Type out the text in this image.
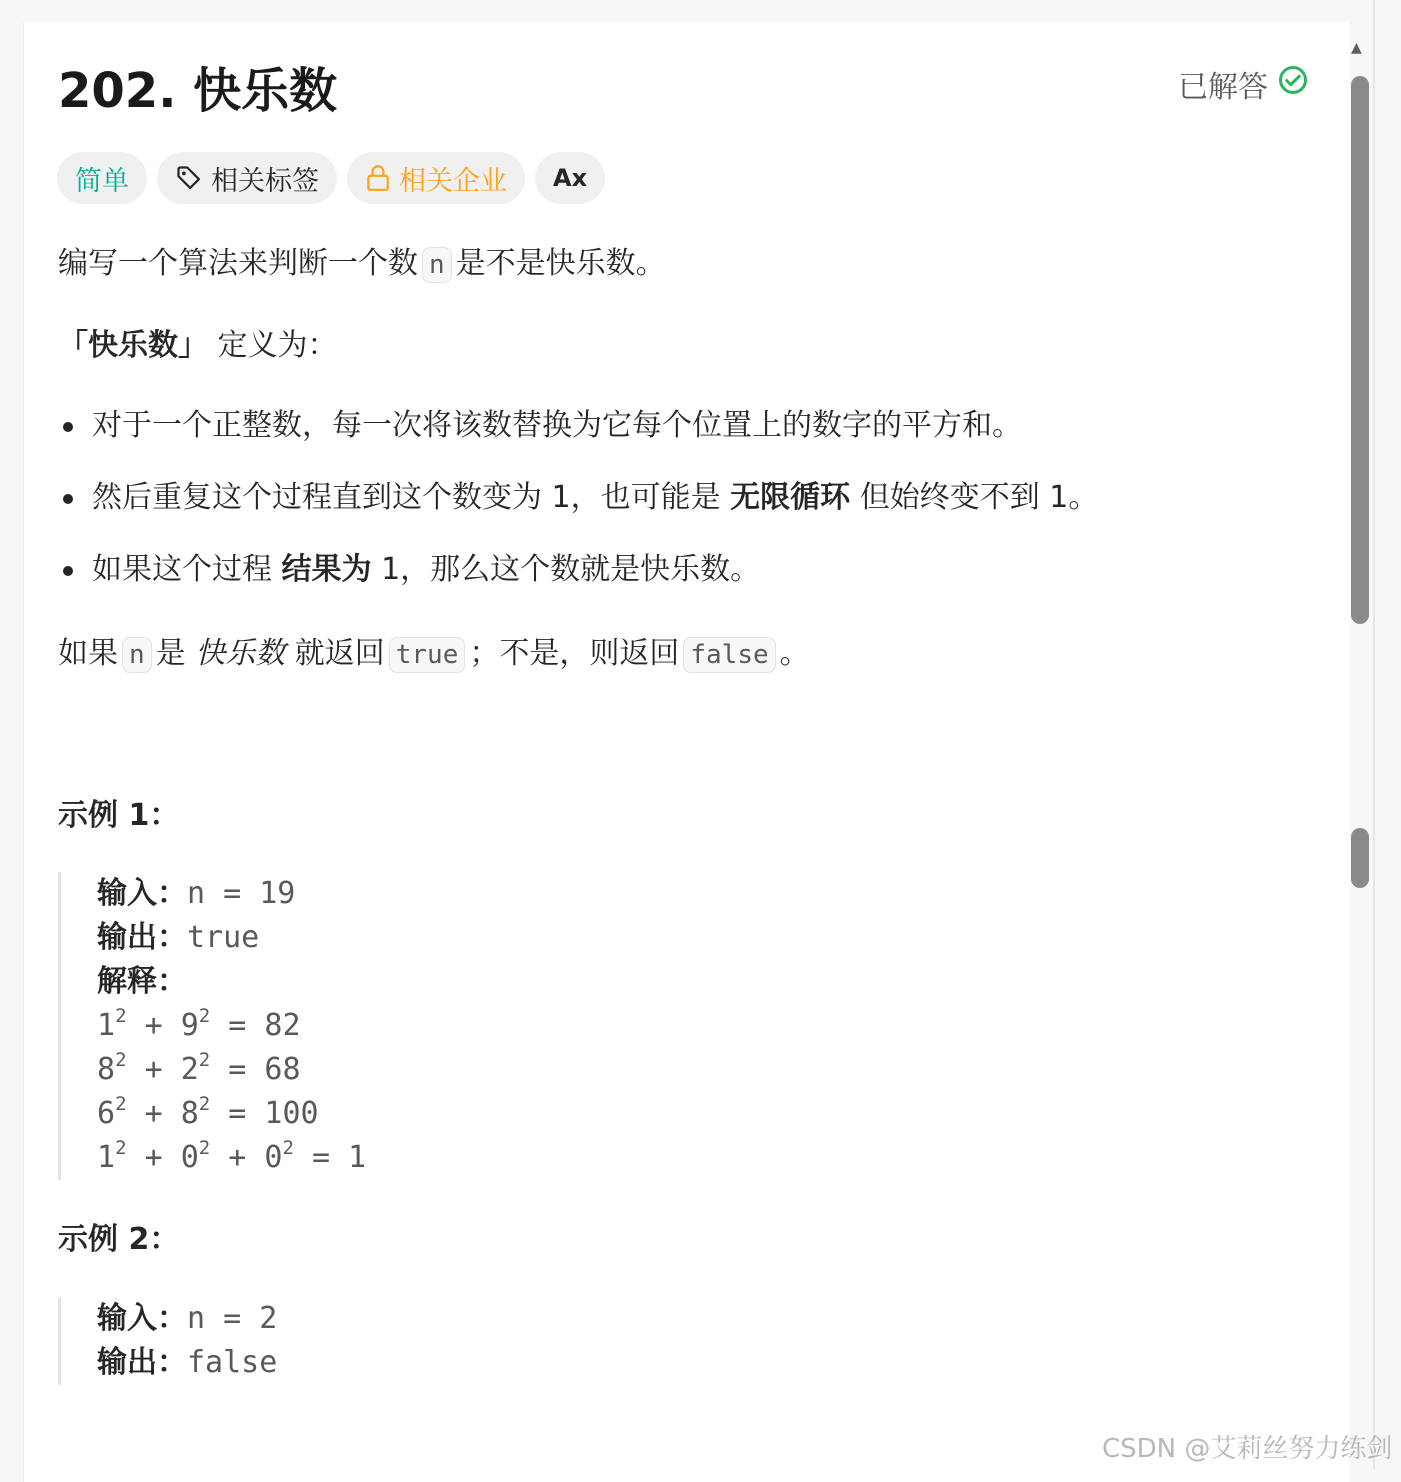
202. 快乐数	已解答
简单	相关标签	相关企业 Ax

编写一个算法来判断一个数 n 是不是快乐数。

「快乐数」 定义为：

对于一个正整数，每一次将该数替换为它每个位置上的数字的平方和。
然后重复这个过程直到这个数变为 1，也可能是 无限循环 但始终变不到 1。
如果这个过程 结果为 1，那么这个数就是快乐数。

如果 n 是 快乐数 就返回 true ；不是，则返回 false 。

示例 1：
输入：n = 19
输出：true
解释：
$1^2 + 9^2 = 82$
$8^2 + 2^2 = 68$
$6^2 + 8^2 = 100$
$1^2 + 0^2 + 0^2 = 1$
示例 2：
输入：n = 2
输出：false
▲
CSDN @艾莉丝努力练剑
